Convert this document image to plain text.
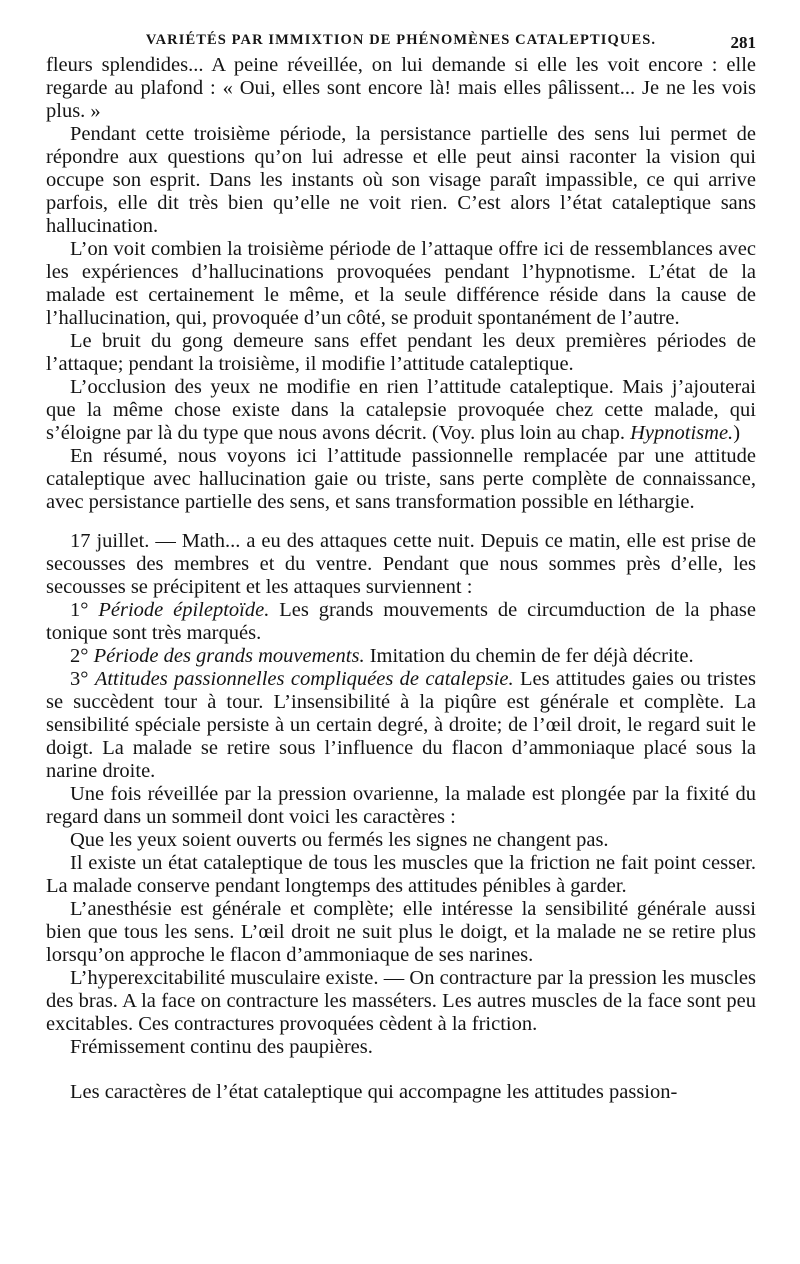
VARIÉTÉS PAR IMMIXTION DE PHÉNOMÈNES CATALEPTIQUES.	281

fleurs splendides... A peine réveillée, on lui demande si elle les voit encore : elle regarde au plafond : « Oui, elles sont encore là! mais elles pâlissent... Je ne les vois plus. »

Pendant cette troisième période, la persistance partielle des sens lui permet de répondre aux questions qu’on lui adresse et elle peut ainsi raconter la vision qui occupe son esprit. Dans les instants où son visage paraît impassible, ce qui arrive parfois, elle dit très bien qu’elle ne voit rien. C’est alors l’état cataleptique sans hallucination.

L’on voit combien la troisième période de l’attaque offre ici de ressemblances avec les expériences d’hallucinations provoquées pendant l’hypnotisme. L’état de la malade est certainement le même, et la seule différence réside dans la cause de l’hallucination, qui, provoquée d’un côté, se produit spontanément de l’autre.

Le bruit du gong demeure sans effet pendant les deux premières périodes de l’attaque; pendant la troisième, il modifie l’attitude cataleptique.

L’occlusion des yeux ne modifie en rien l’attitude cataleptique. Mais j’ajouterai que la même chose existe dans la catalepsie provoquée chez cette malade, qui s’éloigne par là du type que nous avons décrit. (Voy. plus loin au chap. Hypnotisme.)

En résumé, nous voyons ici l’attitude passionnelle remplacée par une attitude cataleptique avec hallucination gaie ou triste, sans perte complète de connaissance, avec persistance partielle des sens, et sans transformation possible en léthargie.

17 juillet. — Math... a eu des attaques cette nuit. Depuis ce matin, elle est prise de secousses des membres et du ventre. Pendant que nous sommes près d’elle, les secousses se précipitent et les attaques surviennent :

1° Période épileptoïde. Les grands mouvements de circumduction de la phase tonique sont très marqués.

2° Période des grands mouvements. Imitation du chemin de fer déjà décrite.

3° Attitudes passionnelles compliquées de catalepsie. Les attitudes gaies ou tristes se succèdent tour à tour. L’insensibilité à la piqûre est générale et complète. La sensibilité spéciale persiste à un certain degré, à droite; de l’œil droit, le regard suit le doigt. La malade se retire sous l’influence du flacon d’ammoniaque placé sous la narine droite.

Une fois réveillée par la pression ovarienne, la malade est plongée par la fixité du regard dans un sommeil dont voici les caractères :

Que les yeux soient ouverts ou fermés les signes ne changent pas.

Il existe un état cataleptique de tous les muscles que la friction ne fait point cesser. La malade conserve pendant longtemps des attitudes pénibles à garder.

L’anesthésie est générale et complète; elle intéresse la sensibilité générale aussi bien que tous les sens. L’œil droit ne suit plus le doigt, et la malade ne se retire plus lorsqu’on approche le flacon d’ammoniaque de ses narines.

L’hyperexcitabilité musculaire existe. — On contracture par la pression les muscles des bras. A la face on contracture les masséters. Les autres muscles de la face sont peu excitables. Ces contractures provoquées cèdent à la friction.

Frémissement continu des paupières.

Les caractères de l’état cataleptique qui accompagne les attitudes passion-
